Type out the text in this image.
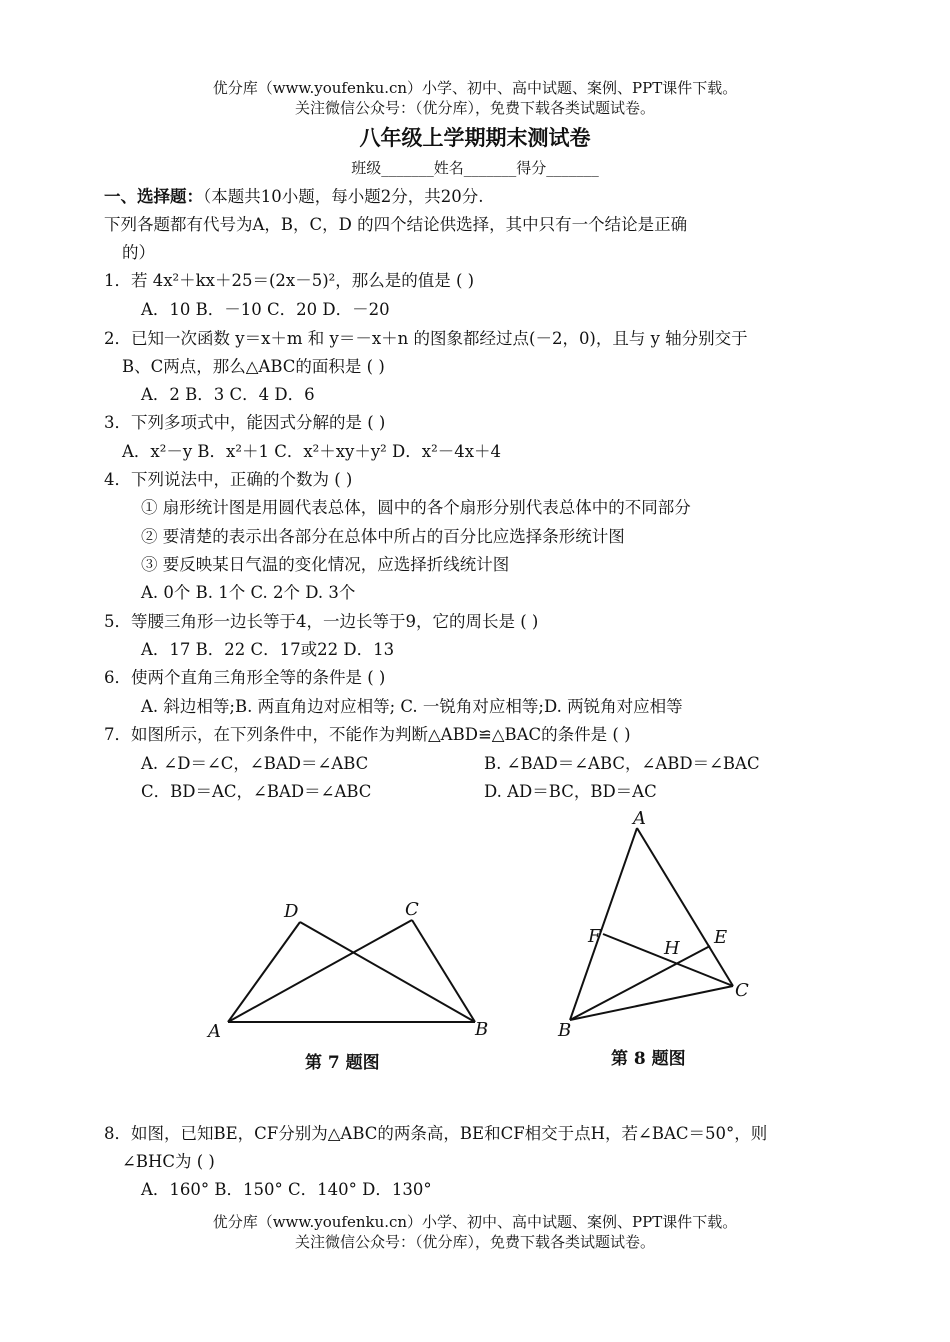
优分库（www.youfenku.cn）小学、初中、高中试题、案例、PPT课件下载。
关注微信公众号：（优分库），免费下载各类试题试卷。
八年级上学期期末测试卷
班级_______姓名_______得分_______
一、选择题：（本题共10小题，每小题2分，共20分.
下列各题都有代号为A，B，C，D 的四个结论供选择，其中只有一个结论是正确
的）
1．若 4x²＋kx＋25＝(2x－5)²，那么是的值是 ( )
A．10 B．－10 C．20 D．－20
2．已知一次函数 y＝x＋m 和 y＝－x＋n 的图象都经过点(－2，0)，且与 y 轴分别交于
B、C两点，那么△ABC的面积是 ( )
A．2 B．3 C．4 D．6
3．下列多项式中，能因式分解的是 ( )
A．x²－y B．x²＋1 C．x²＋xy＋y² D．x²－4x＋4
4．下列说法中，正确的个数为 ( )
① 扇形统计图是用圆代表总体，圆中的各个扇形分别代表总体中的不同部分
② 要清楚的表示出各部分在总体中所占的百分比应选择条形统计图
③ 要反映某日气温的变化情况，应选择折线统计图
A. 0个 B. 1个 C. 2个 D. 3个
5．等腰三角形一边长等于4，一边长等于9，它的周长是 ( )
A．17 B．22 C．17或22 D．13
6．使两个直角三角形全等的条件是 ( )
A. 斜边相等;B. 两直角边对应相等; C. 一锐角对应相等;D. 两锐角对应相等
7．如图所示，在下列条件中，不能作为判断△ABD≌△BAC的条件是 ( )
A. ∠D＝∠C，∠BAD＝∠ABC	B. ∠BAD＝∠ABC，∠ABD＝∠BAC
C．BD＝AC，∠BAD＝∠ABC	D. AD＝BC，BD＝AC
A	B
C
D
第 7 题图
A
B
C
E
F
H
第 8 题图
8．如图，已知BE，CF分别为△ABC的两条高，BE和CF相交于点H，若∠BAC＝50°，则
∠BHC为 ( )
A．160° B．150° C．140° D．130°
优分库（www.youfenku.cn）小学、初中、高中试题、案例、PPT课件下载。
关注微信公众号：（优分库），免费下载各类试题试卷。
